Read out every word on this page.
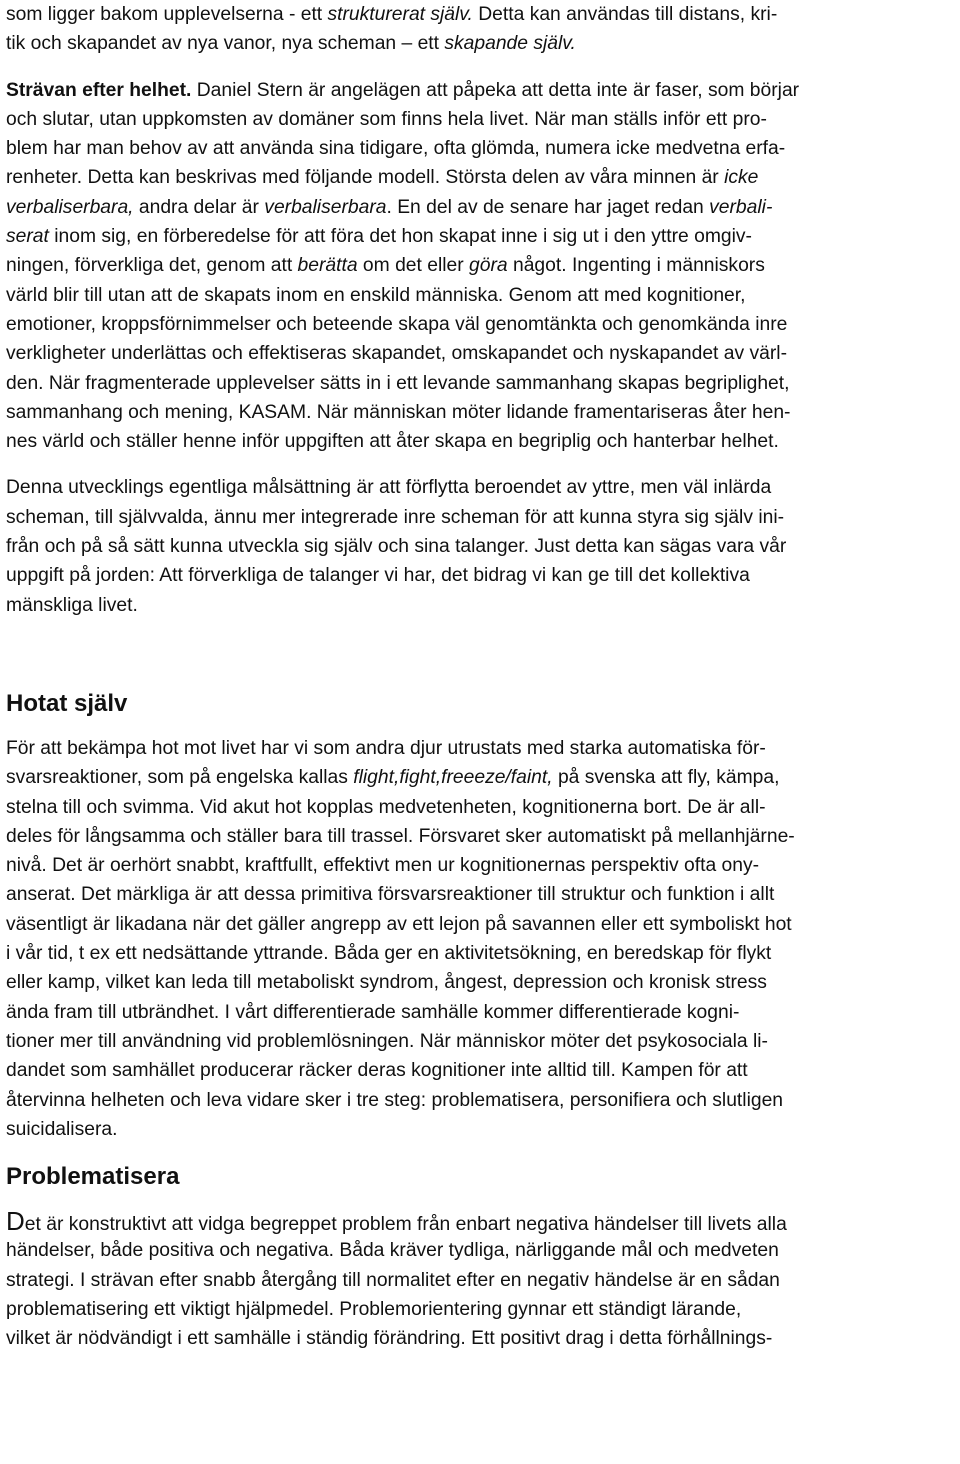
som ligger bakom upplevelserna - ett strukturerat själv. Detta kan användas till distans, kri-
tik och skapandet av nya vanor, nya scheman – ett skapande själv.
Strävan efter helhet. Daniel Stern är angelägen att påpeka att detta inte är faser, som börjar
och slutar, utan uppkomsten av domäner som finns hela livet. När man ställs inför ett pro-
blem har man behov av att använda sina tidigare, ofta glömda, numera icke medvetna erfa-
renheter. Detta kan beskrivas med följande modell. Största delen av våra minnen är icke
verbaliserbara, andra delar är verbaliserbara. En del av de senare har jaget redan verbali-
serat inom sig, en förberedelse för att föra det hon skapat inne i sig ut i den yttre omgiv-
ningen, förverkliga det, genom att berätta om det eller göra något. Ingenting i människors
värld blir till utan att de skapats inom en enskild människa. Genom att med kognitioner,
emotioner, kroppsförnimmelser och beteende skapa väl genomtänkta och genomkända inre
verkligheter underlättas och effektiseras skapandet, omskapandet och nyskapandet av värl-
den. När fragmenterade upplevelser sätts in i ett levande sammanhang skapas begriplighet,
sammanhang och mening, KASAM. När människan möter lidande framentariseras åter hen-
nes värld och ställer henne inför uppgiften att åter skapa en begriplig och hanterbar helhet.
Denna utvecklings egentliga målsättning är att förflytta beroendet av yttre, men väl inlärda
scheman, till självvalda, ännu mer integrerade inre scheman för att kunna styra sig själv ini-
från och på så sätt kunna utveckla sig själv och sina talanger. Just detta kan sägas vara vår
uppgift på jorden: Att förverkliga de talanger vi har, det bidrag vi kan ge till det kollektiva
mänskliga livet.
Hotat själv
För att bekämpa hot mot livet har vi som andra djur utrustats med starka automatiska för-
svarsreaktioner, som på engelska kallas flight,fight,freeeze/faint, på svenska att fly, kämpa,
stelna till och svimma. Vid akut hot kopplas medvetenheten, kognitionerna bort. De är all-
deles för långsamma och ställer bara till trassel. Försvaret sker automatiskt på mellanhjärne-
nivå. Det är oerhört snabbt, kraftfullt, effektivt men ur kognitionernas perspektiv ofta ony-
anserat. Det märkliga är att dessa primitiva försvarsreaktioner till struktur och funktion i allt
väsentligt är likadana när det gäller angrepp av ett lejon på savannen eller ett symboliskt hot
i vår tid, t ex ett nedsättande yttrande. Båda ger en aktivitetsökning, en beredskap för flykt
eller kamp, vilket kan leda till metaboliskt syndrom, ångest, depression och kronisk stress
ända fram till utbrändhet. I vårt differentierade samhälle kommer differentierade kogni-
tioner mer till användning vid problemlösningen. När människor möter det psykosociala li-
dandet som samhället producerar räcker deras kognitioner inte alltid till. Kampen för att
återvinna helheten och leva vidare sker i tre steg: problematisera, personifiera och slutligen
suicidalisera.
Problematisera
Det är konstruktivt att vidga begreppet problem från enbart negativa händelser till livets alla
händelser, både positiva och negativa. Båda kräver tydliga, närliggande mål och medveten
strategi. I strävan efter snabb återgång till normalitet efter en negativ händelse är en sådan
problematisering ett viktigt hjälpmedel. Problemorientering gynnar ett ständigt lärande,
vilket är nödvändigt i ett samhälle i ständig förändring. Ett positivt drag i detta förhållnings-
